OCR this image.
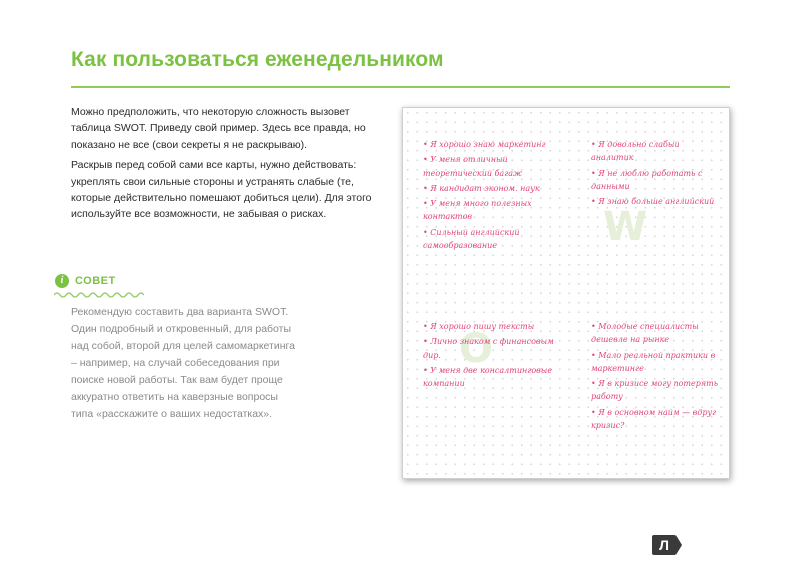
Как пользоваться еженедельником

Можно предположить, что некоторую сложность вызовет таблица SWOT. Приведу свой пример. Здесь все правда, но показано не все (свои секреты я не раскрываю).

Раскрыв перед собой сами все карты, нужно действовать: укреплять свои сильные стороны и устранять слабые (те, которые действительно помешают добиться цели). Для этого используйте все возможности, не забывая о рисках.

i	СОВЕТ
Рекомендую составить два варианта SWOT. Один подробный и откровенный, для работы над собой, второй для целей самомаркетинга – например, на случай собеседования при поиске новой работы. Так вам будет проще аккуратно ответить на каверзные вопросы типа «расскажите о ваших недостатках».
W
O
• Я хорошо знаю маркетинг
• У меня отличный теоретический багаж
• Я кандидат эконом. наук
• У меня много полезных контактов
• Сильный английский самообразование
• Я довольно слабый аналитик
• Я не люблю работать с данными
• Я знаю больше английский
• Я хорошо пишу тексты
• Лично знаком с финансовым дир.
• У меня две консалтинговые компании
• Молодые специалисты дешевле на рынке
• Мало реальной практики в маркетинге
• Я в кризисе могу потерять работу
• Я в основном найм — вдруг кризис?
Л
